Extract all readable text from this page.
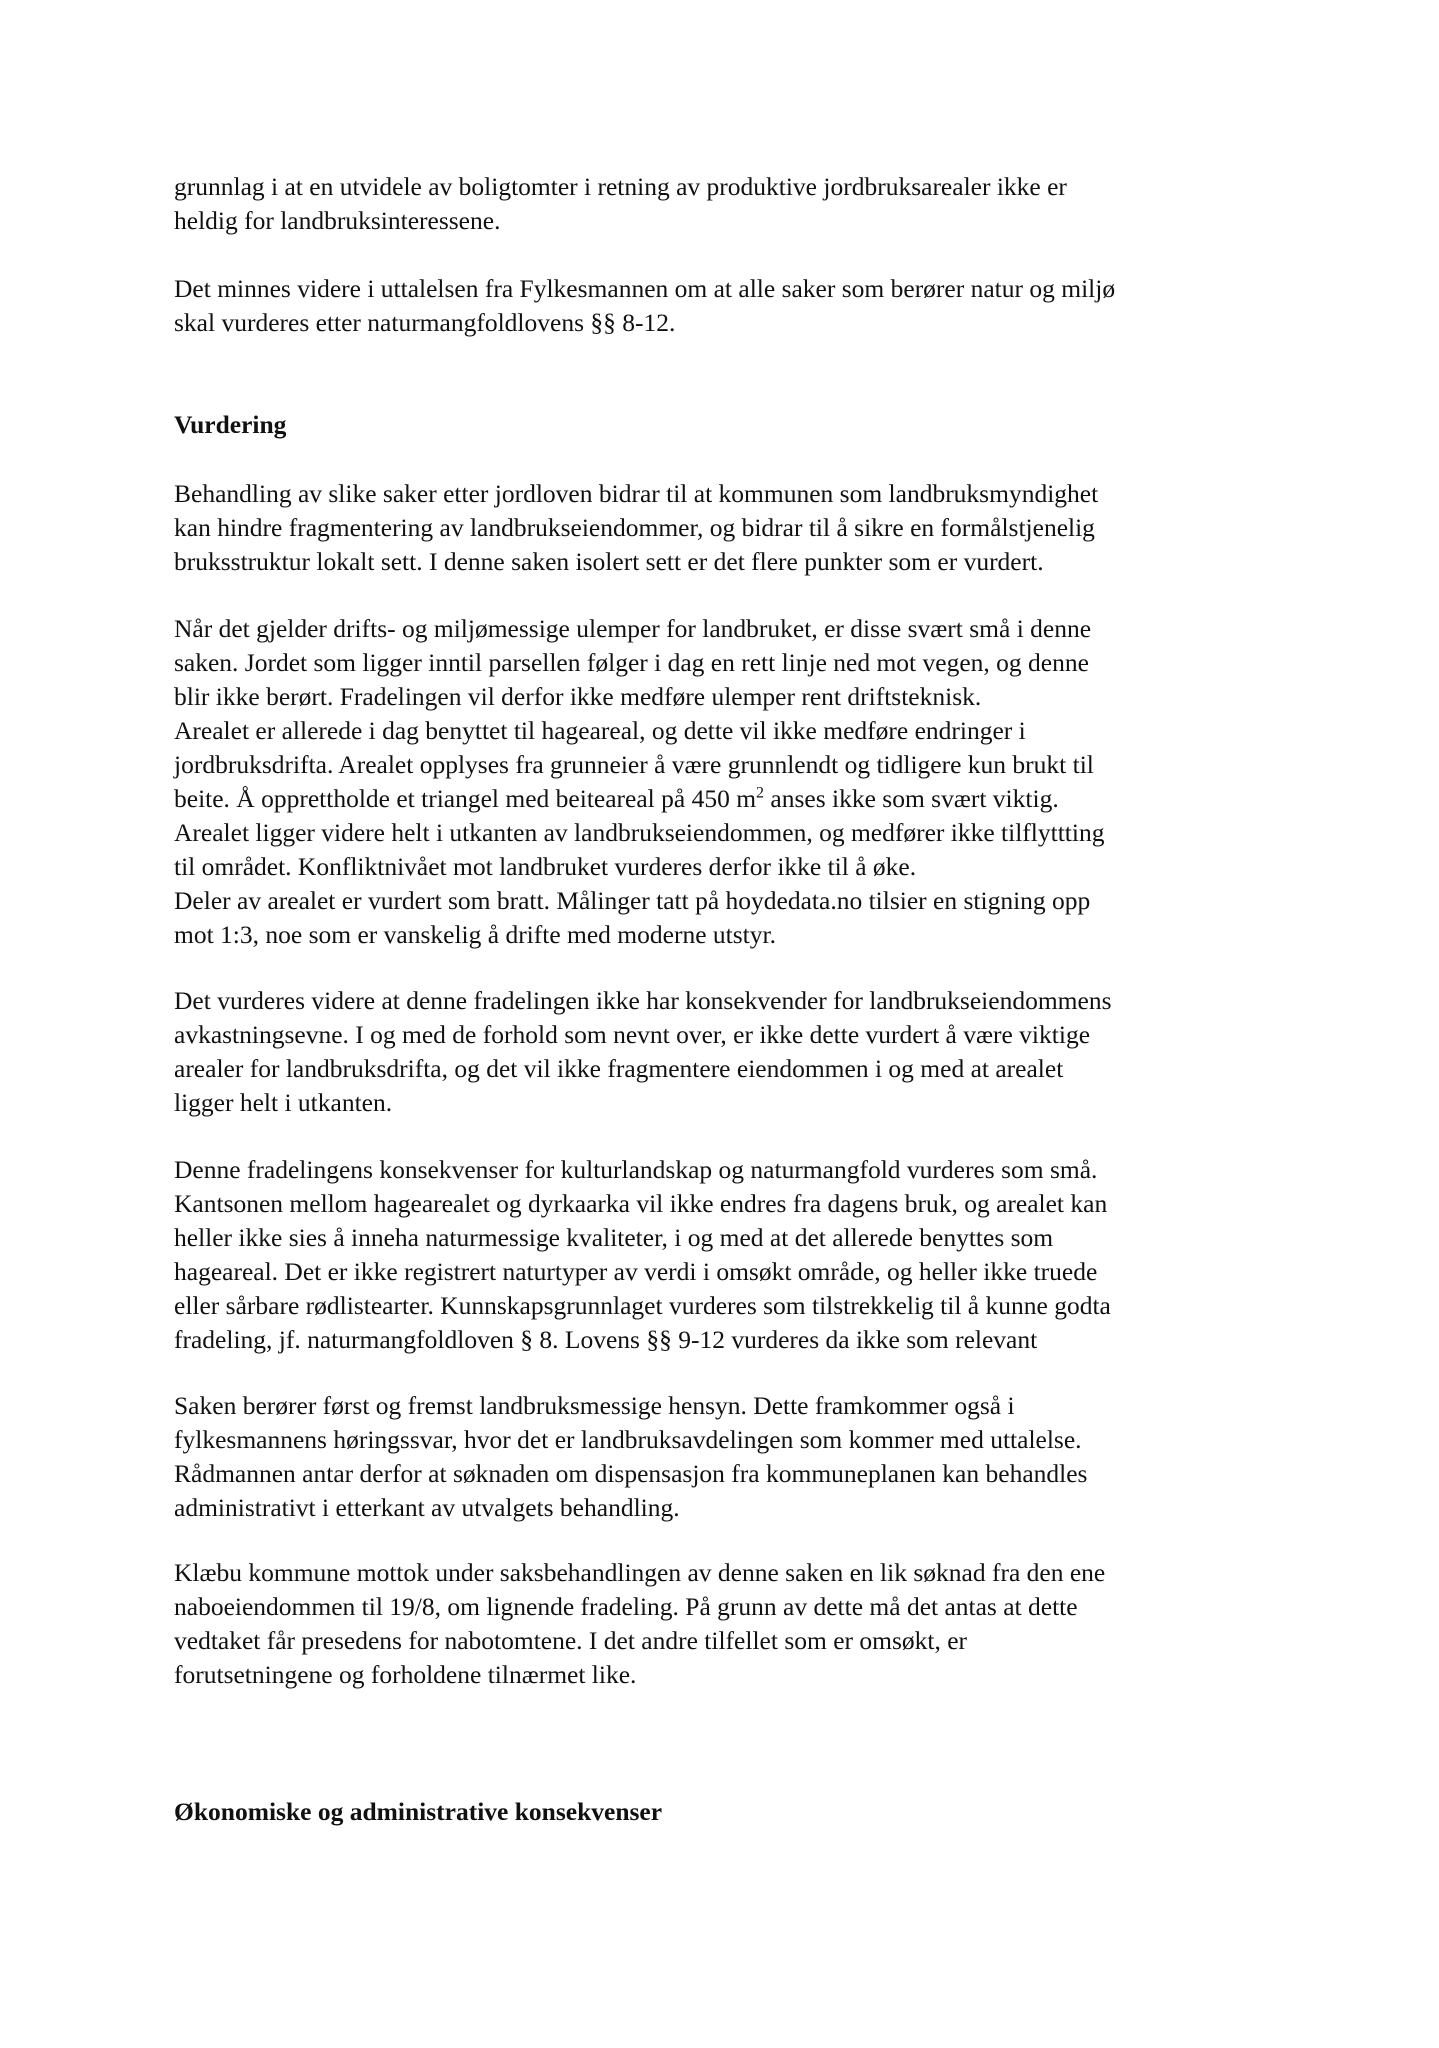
grunnlag i at en utvidele av boligtomter i retning av produktive jordbruksarealer ikke er
heldig for landbruksinteressene.
Det minnes videre i uttalelsen fra Fylkesmannen om at alle saker som berører natur og miljø
skal vurderes etter naturmangfoldlovens §§ 8-12.
Vurdering
Behandling av slike saker etter jordloven bidrar til at kommunen som landbruksmyndighet
kan hindre fragmentering av landbrukseiendommer, og bidrar til å sikre en formålstjenelig
bruksstruktur lokalt sett. I denne saken isolert sett er det flere punkter som er vurdert.
Når det gjelder drifts- og miljømessige ulemper for landbruket, er disse svært små i denne
saken. Jordet som ligger inntil parsellen følger i dag en rett linje ned mot vegen, og denne
blir ikke berørt. Fradelingen vil derfor ikke medføre ulemper rent driftsteknisk.
Arealet er allerede i dag benyttet til hageareal, og dette vil ikke medføre endringer i
jordbruksdrifta. Arealet opplyses fra grunneier å være grunnlendt og tidligere kun brukt til
beite. Å opprettholde et triangel med beiteareal på 450 $m^2$ anses ikke som svært viktig.
Arealet ligger videre helt i utkanten av landbrukseiendommen, og medfører ikke tilflyttting
til området. Konfliktnivået mot landbruket vurderes derfor ikke til å øke.
Deler av arealet er vurdert som bratt. Målinger tatt på hoydedata.no tilsier en stigning opp
mot 1:3, noe som er vanskelig å drifte med moderne utstyr.
Det vurderes videre at denne fradelingen ikke har konsekvender for landbrukseiendommens
avkastningsevne. I og med de forhold som nevnt over, er ikke dette vurdert å være viktige
arealer for landbruksdrifta, og det vil ikke fragmentere eiendommen i og med at arealet
ligger helt i utkanten.
Denne fradelingens konsekvenser for kulturlandskap og naturmangfold vurderes som små.
Kantsonen mellom hagearealet og dyrkaarka vil ikke endres fra dagens bruk, og arealet kan
heller ikke sies å inneha naturmessige kvaliteter, i og med at det allerede benyttes som
hageareal. Det er ikke registrert naturtyper av verdi i omsøkt område, og heller ikke truede
eller sårbare rødlistearter. Kunnskapsgrunnlaget vurderes som tilstrekkelig til å kunne godta
fradeling, jf. naturmangfoldloven § 8. Lovens §§ 9-12 vurderes da ikke som relevant
Saken berører først og fremst landbruksmessige hensyn. Dette framkommer også i
fylkesmannens høringssvar, hvor det er landbruksavdelingen som kommer med uttalelse.
Rådmannen antar derfor at søknaden om dispensasjon fra kommuneplanen kan behandles
administrativt i etterkant av utvalgets behandling.
Klæbu kommune mottok under saksbehandlingen av denne saken en lik søknad fra den ene
naboeiendommen til 19/8, om lignende fradeling. På grunn av dette må det antas at dette
vedtaket får presedens for nabotomtene. I det andre tilfellet som er omsøkt, er
forutsetningene og forholdene tilnærmet like.
Økonomiske og administrative konsekvenser
